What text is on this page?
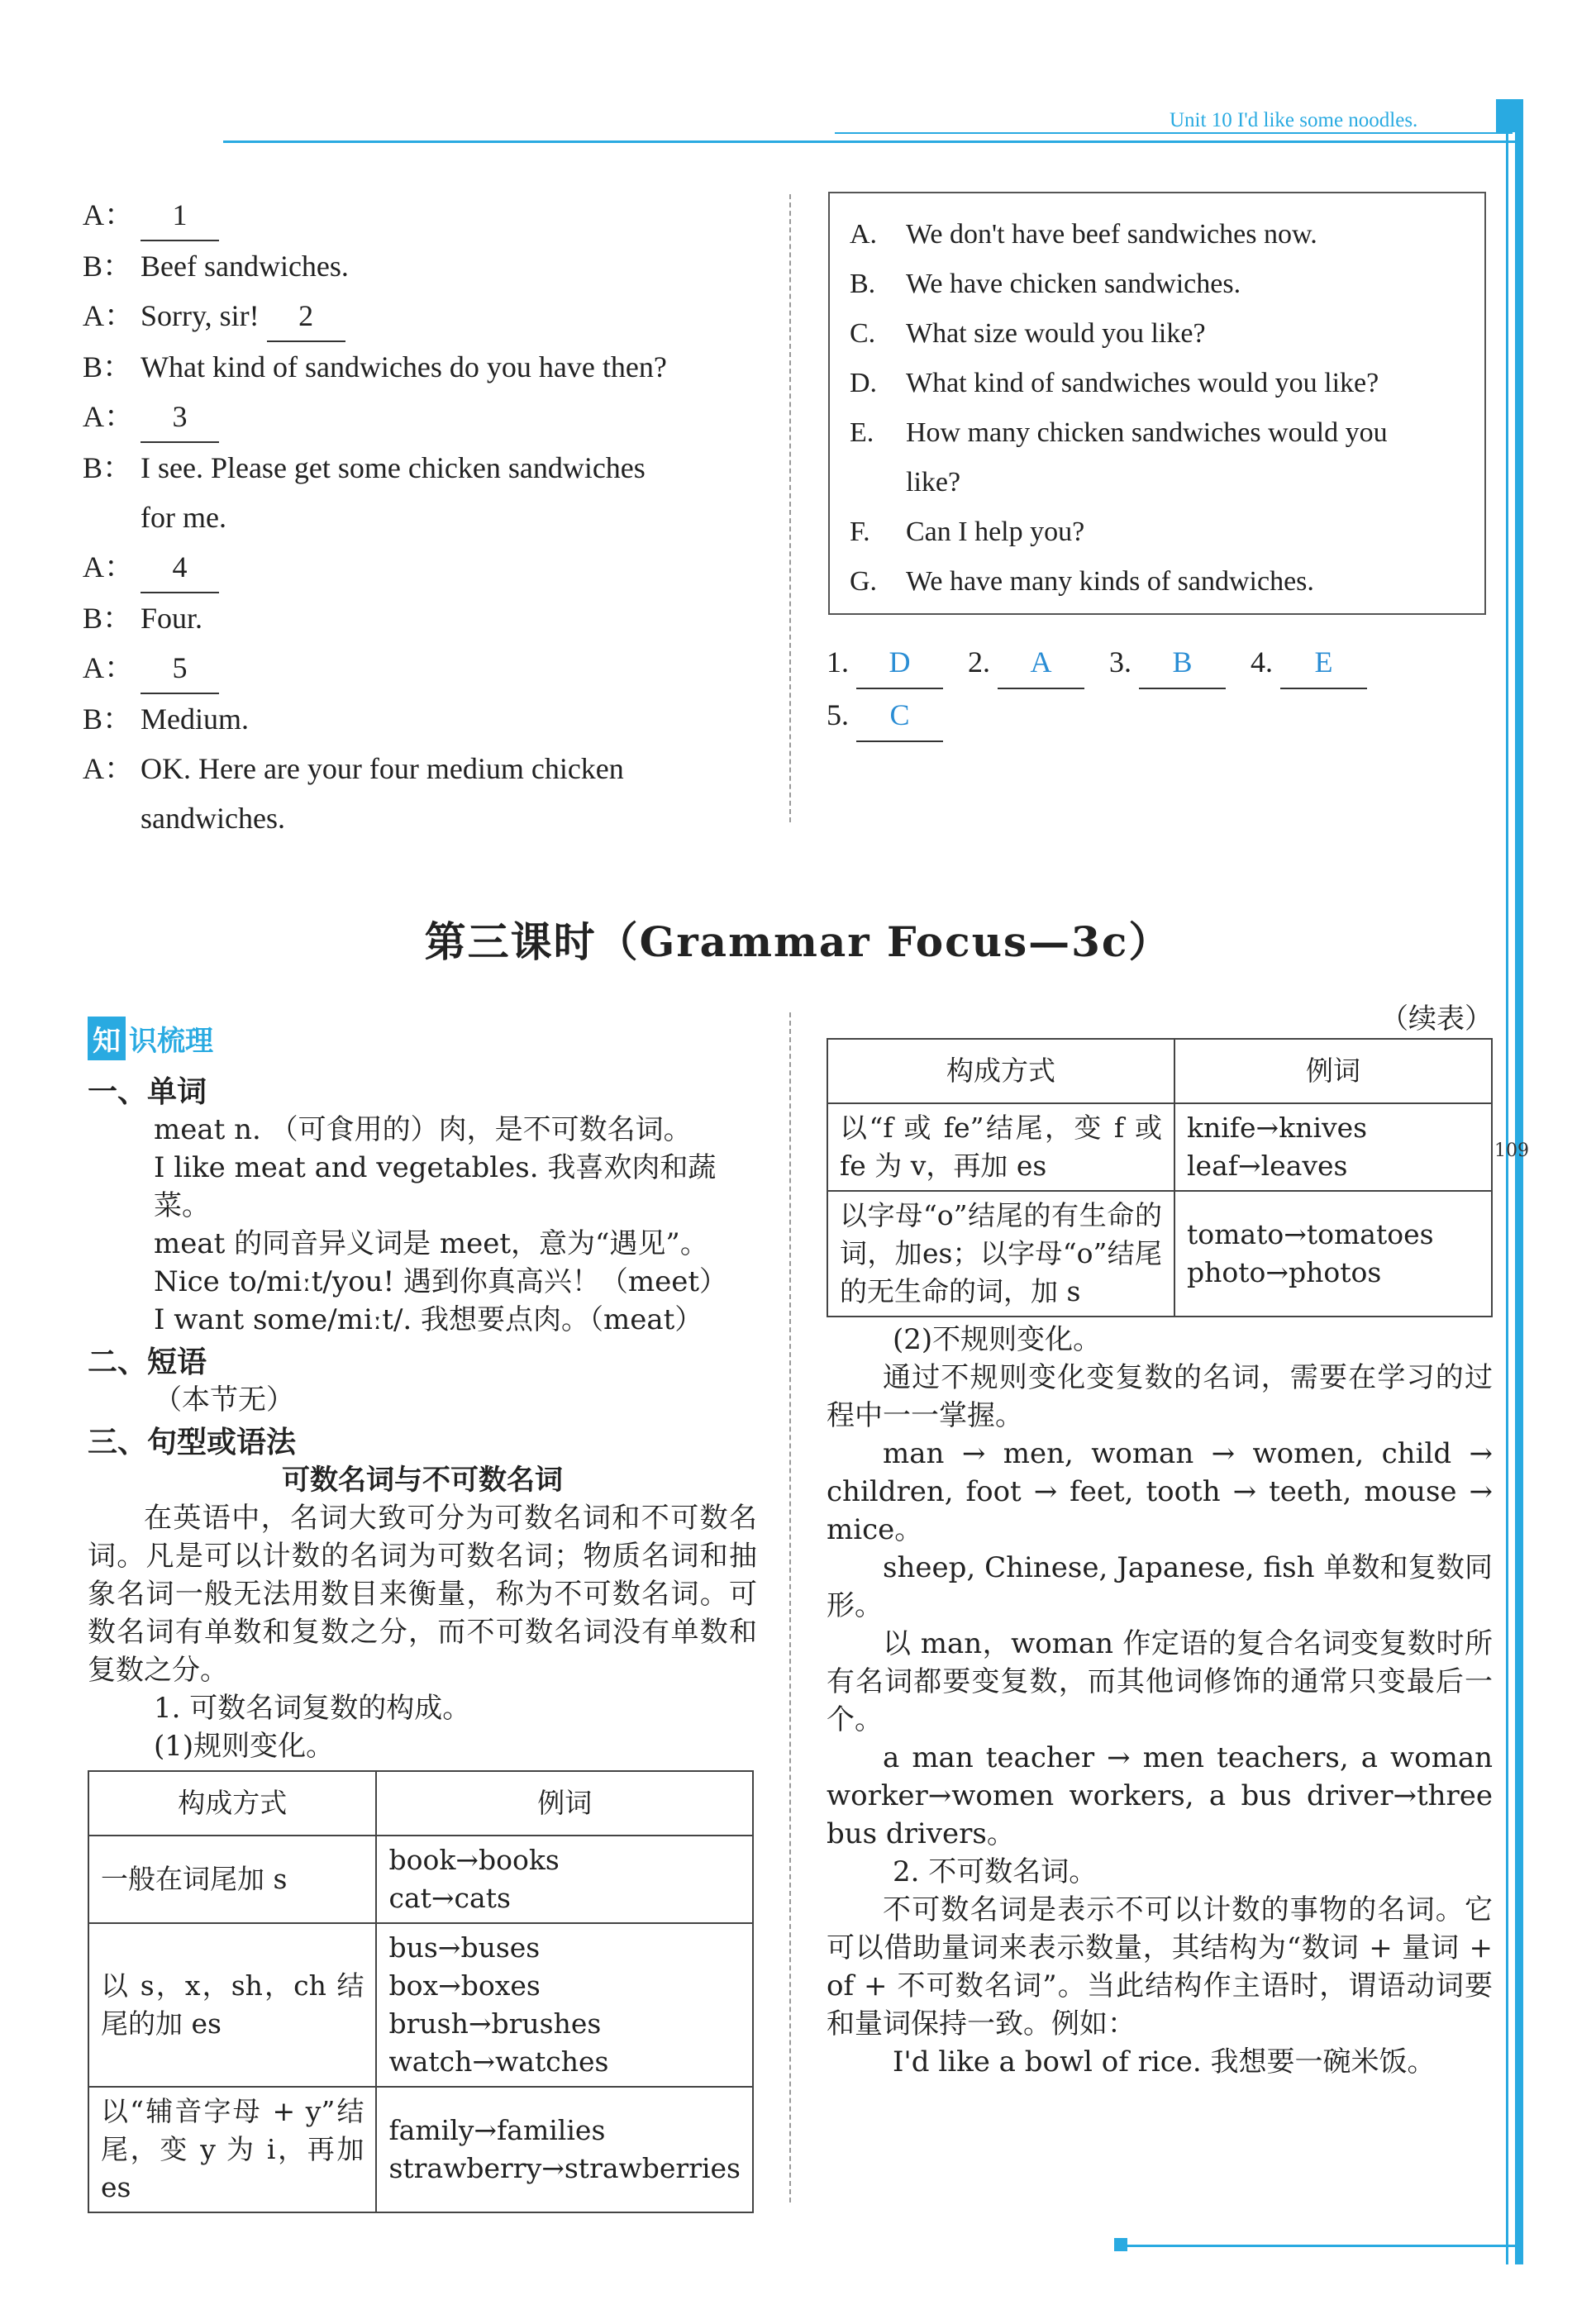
Unit 10 I'd like some noodles.
109
A：	1
B： Beef sandwiches.
A： Sorry, sir! 2
B： What kind of sandwiches do you have then?
A：	3
B： I see. Please get some chicken sandwiches
for me.
A：	4
B： Four.
A：	5
B： Medium.
A： OK. Here are your four medium chicken
sandwiches.
A.	We don't have beef sandwiches now.
B.	We have chicken sandwiches.
C.	What size would you like?
D.	What kind of sandwiches would you like?
E.	How many chicken sandwiches would you
like?
F.	Can I help you?
G.	We have many kinds of sandwiches.
1. D 2. A 3. B 4. E
5. C
第三课时（Grammar Focus—3c）
知 识梳理
一、单词
meat n. （可食用的）肉，是不可数名词。
I like meat and vegetables. 我喜欢肉和蔬菜。
meat 的同音异义词是 meet，意为“遇见”。
Nice to/miːt/you! 遇到你真高兴！（meet）
I want some/miːt/. 我想要点肉。（meat）
二、短语
（本节无）
三、句型或语法
可数名词与不可数名词
在英语中，名词大致可分为可数名词和不可数名词。凡是可以计数的名词为可数名词；物质名词和抽象名词一般无法用数目来衡量，称为不可数名词。可数名词有单数和复数之分，而不可数名词没有单数和复数之分。
1. 可数名词复数的构成。
(1)规则变化。
构成方式	例词
一般在词尾加 s	book→books
cat→cats

以 s，x，sh，ch 结尾的加 es	bus→buses
box→boxes
brush→brushes
watch→watches

以“辅音字母 + y”结尾，变 y 为 i，再加 es	family→families
strawberry→strawberries
（续表）
构成方式	例词
以“f 或 fe”结尾，变 f 或 fe 为 v，再加 es	knife→knives
leaf→leaves

以字母“o”结尾的有生命的词，加es；以字母“o”结尾的无生命的词，加 s	tomato→tomatoes
photo→photos
(2)不规则变化。
通过不规则变化变复数的名词，需要在学习的过程中一一掌握。
man → men, woman → women, child → children, foot → feet, tooth → teeth, mouse → mice。
sheep, Chinese, Japanese, fish 单数和复数同形。
以 man，woman 作定语的复合名词变复数时所有名词都要变复数，而其他词修饰的通常只变最后一个。
a man teacher → men teachers, a woman worker→women workers, a bus driver→three bus drivers。
2. 不可数名词。
不可数名词是表示不可以计数的事物的名词。它可以借助量词来表示数量，其结构为“数词 + 量词 + of + 不可数名词”。当此结构作主语时，谓语动词要和量词保持一致。例如：
I'd like a bowl of rice. 我想要一碗米饭。
